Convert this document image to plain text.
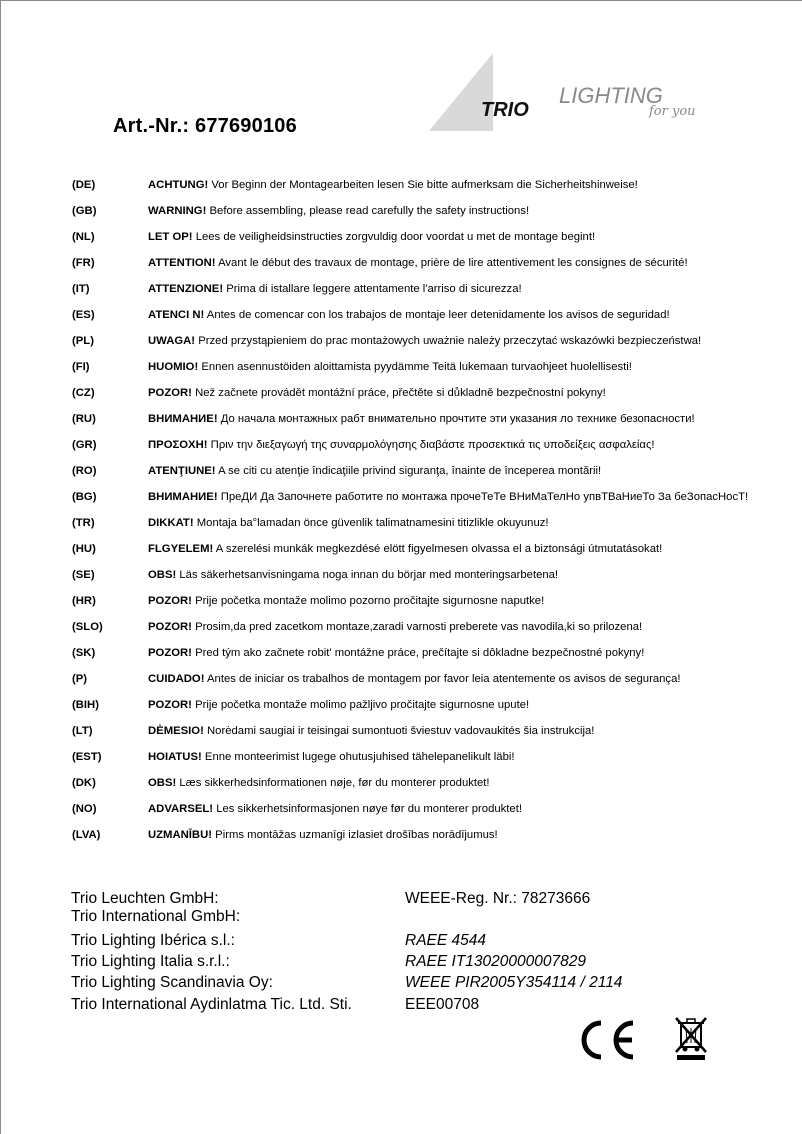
TRIO
LIGHTING
for you
Art.-Nr.: 677690106
(DE)	ACHTUNG! Vor Beginn der Montagearbeiten lesen Sie bitte aufmerksam die Sicherheitshinweise!
(GB)	WARNING! Before assembling, please read carefully the safety instructions!
(NL)	LET OP! Lees de veiligheidsinstructies zorgvuldig door voordat u met de montage begint!
(FR)	ATTENTION! Avant le début des travaux de montage, prière de lire attentivement les consignes de sécurité!
(IT)	ATTENZIONE! Prima di istallare leggere attentamente l'arriso di sicurezza!
(ES)	ATENCI N! Antes de comencar con los trabajos de montaje leer detenidamente los avisos de seguridad!
(PL)	UWAGA! Przed przystąpieniem do prac montażowych uważnie należy przeczytać wskazówki bezpieczeństwa!
(FI)	HUOMIO! Ennen asennustöiden aloittamista pyydämme Teitä lukemaan turvaohjeet huolellisesti!
(CZ)	POZOR! Než začnete provádět montážní práce, přečtěte si důkladně bezpečnostní pokyny!
(RU)	ВНИМАНИЕ! До начала монтажных рабт внимательно прочтите эти указания ло технике безопасности!
(GR)	ΠΡΟΣΟΧΗ! Πριν την διεξαγωγή της συναρμολόγησης διαβάστε προσεκτικά τις υποδείξεις ασφαλείας!
(RO)	ATENŢIUNE! A se citi cu atenţie îndicaţiile privind siguranţa, înainte de începerea montării!
(BG)	ВНИМАНИЕ! ПреДИ Да Започнете работите по монтажа прочеТеТе ВНиМаТелНо упвТВаНиеТо За беЗопасНосТ!
(TR)	DIKKAT! Montaja ba°lamadan önce güvenlik talimatnamesini titizlikle okuyunuz!
(HU)	FLGYELEM! A szerelési munkák megkezdésé elött figyelmesen olvassa el a biztonsági útmutatásokat!
(SE)	OBS! Läs säkerhetsanvisningama noga innan du börjar med monteringsarbetena!
(HR)	POZOR! Prije početka montaže molimo pozorno pročitajte sigurnosne naputke!
(SLO)	POZOR! Prosim,da pred zacetkom montaze,zaradi varnosti preberete vas navodila,ki so prilozena!
(SK)	POZOR! Pred tým ako začnete robit' montážne práce, prečítajte si dôkladne bezpečnostné pokyny!
(P)	CUIDADO! Antes de iniciar os trabalhos de montagem por favor leia atentemente os avisos de segurança!
(BIH)	POZOR! Prije početka montaže molimo pažljivo pročitajte sigurnosne upute!
(LT)	DĖMESIO! Norėdami saugiai ir teisingai sumontuoti šviestuv vadovaukités šia instrukcija!
(EST)	HOIATUS! Enne monteerimist lugege ohutusjuhised tähelepanelikult läbi!
(DK)	OBS! Læs sikkerhedsinformationen nøje, før du monterer produktet!
(NO)	ADVARSEL! Les sikkerhetsinformasjonen nøye før du monterer produktet!
(LVA)	UZMANĪBU! Pirms montāžas uzmanīgi izlasiet drošības norādījumus!
Trio Leuchten GmbH:	WEEE-Reg. Nr.: 78273666
Trio International GmbH:
Trio Lighting Ibérica s.l.:	RAEE 4544
Trio Lighting Italia s.r.l.:	RAEE IT13020000007829
Trio Lighting Scandinavia Oy:	WEEE PIR2005Y354114 / 2114
Trio International Aydinlatma Tic. Ltd. Sti.	EEE00708
